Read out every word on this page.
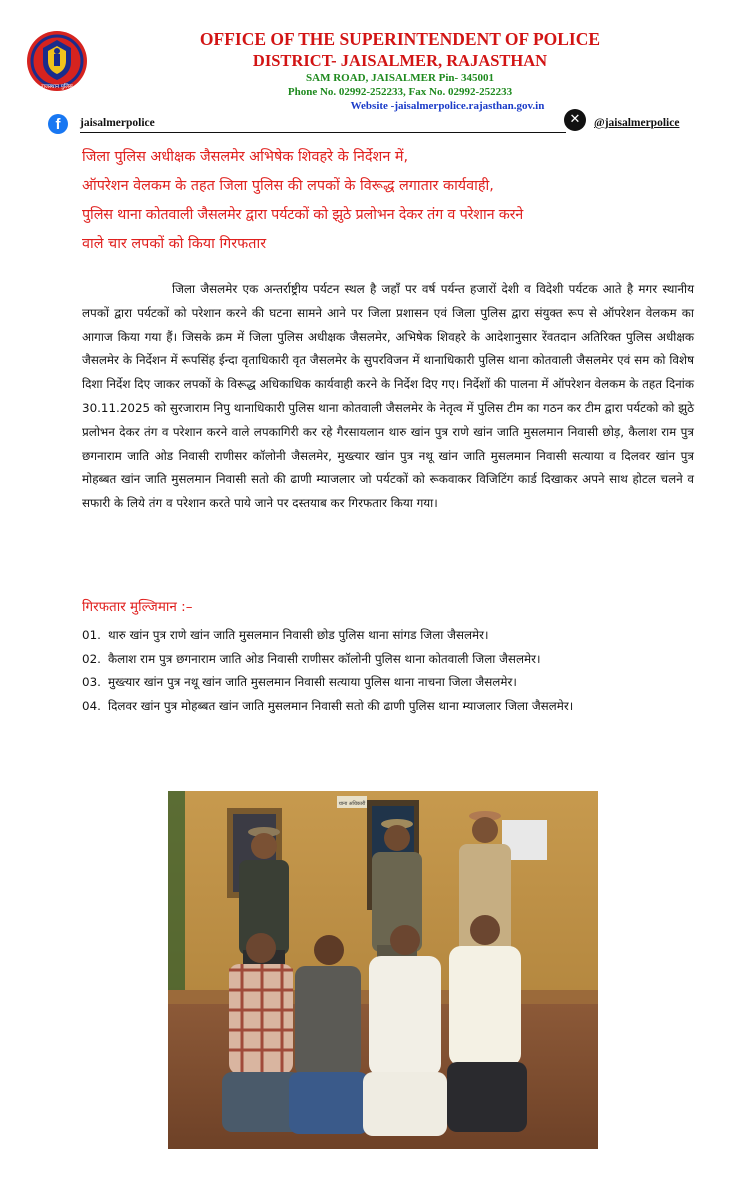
राजस्थान पुलिस
OFFICE OF THE SUPERINTENDENT OF POLICE
DISTRICT- JAISALMER, RAJASTHAN
SAM ROAD, JAISALMER Pin- 345001
Phone No. 02992-252233, Fax No. 02992-252233
Website -jaisalmerpolice.rajasthan.gov.in
f	jaisalmerpolice	✕	@jaisalmerpolice
जिला पुलिस अधीक्षक जैसलमेर अभिषेक शिवहरे के निर्देशन में,
ऑपरेशन वेलकम के तहत जिला पुलिस की लपकों के विरूद्ध लगातार कार्यवाही,
पुलिस थाना कोतवाली जैसलमेर द्वारा पर्यटकों को झुठे प्रलोभन देकर तंग व परेशान करने
वाले चार लपकों को किया गिरफतार

जिला जैसलमेर एक अन्तर्राष्ट्रीय पर्यटन स्थल है जहाँ पर वर्ष पर्यन्त हजारों देशी व विदेशी पर्यटक आते है मगर स्थानीय लपकों द्वारा पर्यटकों को परेशान करने की घटना सामने आने पर जिला प्रशासन एवं जिला पुलिस द्वारा संयुक्त रूप से ऑपरेशन वेलकम का आगाज किया गया हैं। जिसके क्रम में जिला पुलिस अधीक्षक जैसलमेर, अभिषेक शिवहरे के आदेशानुसार रेंवतदान अतिरिक्त पुलिस अधीक्षक जैसलमेर के निर्देशन में रूपसिंह ईन्दा वृताधिकारी वृत जैसलमेर के सुपरविजन में थानाधिकारी पुलिस थाना कोतवाली जैसलमेर एवं सम को विशेष दिशा निर्देश दिए जाकर लपकों के विरूद्ध अधिकाधिक कार्यवाही करने के निर्देश दिए गए। निर्देशों की पालना में ऑपरेशन वेलकम के तहत दिनांक 30.11.2025 को सुरजाराम निपु थानाधिकारी पुलिस थाना कोतवाली जैसलमेर के नेतृत्व में पुलिस टीम का गठन कर टीम द्वारा पर्यटको को झुठे प्रलोभन देकर तंग व परेशान करने वाले लपकागिरी कर रहे गैरसायलान थारु खांन पुत्र राणे खांन जाति मुसलमान निवासी छोड़, कैलाश राम पुत्र छगनाराम जाति ओड निवासी राणीसर कॉलोनी जैसलमेर, मुख्त्यार खांन पुत्र नथू खांन जाति मुसलमान निवासी सत्याया व दिलवर खांन पुत्र मोहब्बत खांन जाति मुसलमान निवासी सतो की ढाणी म्याजलार जो पर्यटकों को रूकवाकर विजिटिंग कार्ड दिखाकर अपने साथ होटल चलने व सफारी के लिये तंग व परेशान करते पाये जाने पर दस्तयाब कर गिरफतार किया गया।

गिरफतार मुल्जिमान :–
01. थारु खांन पुत्र राणे खांन जाति मुसलमान निवासी छोड पुलिस थाना सांगड जिला जैसलमेर।
02. कैलाश राम पुत्र छगनाराम जाति ओड निवासी राणीसर कॉलोनी पुलिस थाना कोतवाली जिला जैसलमेर।
03. मुख्त्यार खांन पुत्र नथू खांन जाति मुसलमान निवासी सत्याया पुलिस थाना नाचना जिला जैसलमेर।
04. दिलवर खांन पुत्र मोहब्बत खांन जाति मुसलमान निवासी सतो की ढाणी पुलिस थाना म्याजलार जिला जैसलमेर।
थाना अधिकारी
